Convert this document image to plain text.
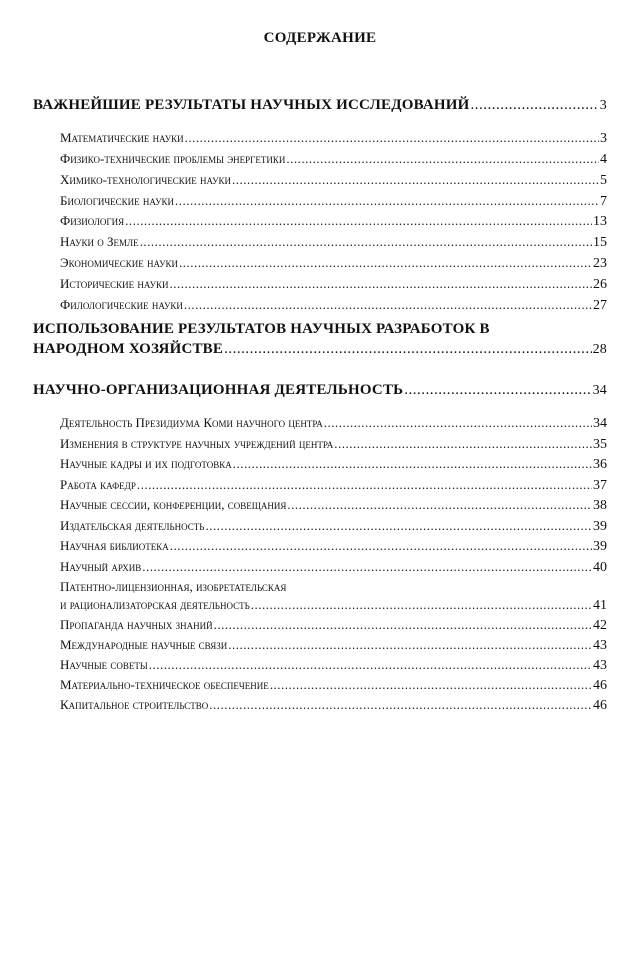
СОДЕРЖАНИЕ
ВАЖНЕЙШИЕ РЕЗУЛЬТАТЫ НАУЧНЫХ ИССЛЕДОВАНИЙ .....	3
Математические науки .....	3
Физико-технические проблемы энергетики .....	4
Химико-технологические науки .....	5
Биологические науки .....	7
Физиология .....	13
Науки о Земле .....	15
Экономические науки .....	23
Исторические науки .....	26
Филологические науки .....	27
ИСПОЛЬЗОВАНИЕ РЕЗУЛЬТАТОВ НАУЧНЫХ РАЗРАБОТОК В
НАРОДНОМ ХОЗЯЙСТВЕ .....	28
НАУЧНО-ОРГАНИЗАЦИОННАЯ ДЕЯТЕЛЬНОСТЬ .....	34
Деятельность Президиума Коми научного центра .....	34
Изменения в структуре научных учреждений центра .....	35
Научные кадры и их подготовка .....	36
Работа кафедр .....	37
Научные сессии, конференции, совещания .....	38
Издательская деятельность .....	39
Научная библиотека .....	39
Научный архив .....	40
Патентно-лицензионная, изобретательская
и рационализаторская деятельность .....	41
Пропаганда научных знаний .....	42
Международные научные связи .....	43
Научные советы .....	43
Материально-техническое обеспечение .....	46
Капитальное строительство .....	46
